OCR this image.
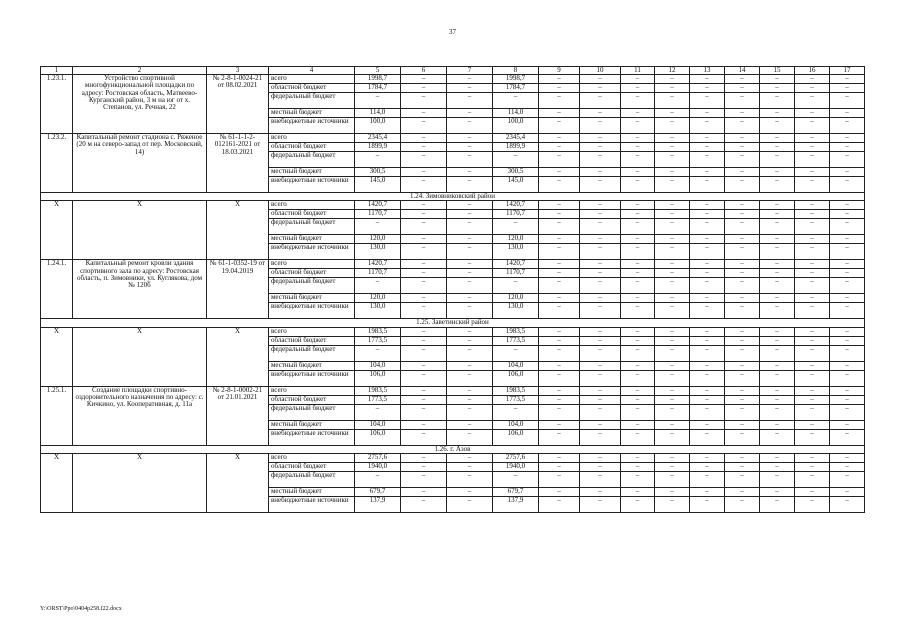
37
1	2	3	4	5	6	7	8	9	10	11	12	13	14	15	16	17
1.23.1.	Устройство спортивной многофункциональной площадки по адресу: Ростовская область, Матвеево-Курганский район, 3 м на юг от х. Степанов, ул. Речная, 22	№ 2-8-1-0024-21 от 08.02.2021	всего	1998,7	–	–	1998,7	–	–	–	–	–	–	–	–	–
			областной бюджет	1784,7	–	–	1784,7	–	–	–	–	–	–	–	–	–
			федеральный бюджет	–	–	–	–	–	–	–	–	–	–	–	–	–
			местный бюджет	114,0	–	–	114,0	–	–	–	–	–	–	–	–	–
			внебюджетные источники	100,0	–	–	100,0	–	–	–	–	–	–	–	–	–
1.23.2.	Капитальный ремонт стадиона с. Ряженое (20 м на северо-запад от пер. Московский, 14)	№ 61-1-1-2-012161-2021 от 18.03.2021	всего	2345,4	–	–	2345,4	–	–	–	–	–	–	–	–	–
			областной бюджет	1899,9	–	–	1899,9	–	–	–	–	–	–	–	–	–
			федеральный бюджет	–	–	–	–	–	–	–	–	–	–	–	–	–
			местный бюджет	300,5	–	–	300,5	–	–	–	–	–	–	–	–	–
			внебюджетные источники	145,0	–	–	145,0	–	–	–	–	–	–	–	–	–
1.24. Зимовниковский район																
Х	Х	Х	всего	1420,7	–	–	1420,7	–	–	–	–	–	–	–	–	–
			областной бюджет	1170,7	–	–	1170,7	–	–	–	–	–	–	–	–	–
			федеральный бюджет	–	–	–	–	–	–	–	–	–	–	–	–	–
			местный бюджет	120,0	–	–	120,0	–	–	–	–	–	–	–	–	–
			внебюджетные источники	130,0	–	–	130,0	–	–	–	–	–	–	–	–	–
1.24.1.	Капитальный ремонт кровли здания спортивного зала по адресу: Ростовская область, п. Зимовники, ул. Куглякова, дом № 120б	№ 61-1-0352-19 от 19.04.2019	всего	1420,7	–	–	1420,7	–	–	–	–	–	–	–	–	–
			областной бюджет	1170,7	–	–	1170,7	–	–	–	–	–	–	–	–	–
			федеральный бюджет	–	–	–	–	–	–	–	–	–	–	–	–	–
			местный бюджет	120,0	–	–	120,0	–	–	–	–	–	–	–	–	–
			внебюджетные источники	130,0	–	–	130,0	–	–	–	–	–	–	–	–	–
1.25. Заветинский район																
Х	Х	Х	всего	1983,5	–	–	1983,5	–	–	–	–	–	–	–	–	–
			областной бюджет	1773,5	–	–	1773,5	–	–	–	–	–	–	–	–	–
			федеральный бюджет	–	–	–	–	–	–	–	–	–	–	–	–	–
			местный бюджет	104,0	–	–	104,0	–	–	–	–	–	–	–	–	–
			внебюджетные источники	106,0	–	–	106,0	–	–	–	–	–	–	–	–	–
1.25.1.	Создание площадки спортивно-оздоровительного назначения по адресу: с. Кичкино, ул. Кооперативная, д. 11а	№ 2-8-1-0002-21 от 21.01.2021	всего	1983,5	–	–	1983,5	–	–	–	–	–	–	–	–	–
			областной бюджет	1773,5	–	–	1773,5	–	–	–	–	–	–	–	–	–
			федеральный бюджет	–	–	–	–	–	–	–	–	–	–	–	–	–
			местный бюджет	104,0	–	–	104,0	–	–	–	–	–	–	–	–	–
			внебюджетные источники	106,0	–	–	106,0	–	–	–	–	–	–	–	–	–
1.26. г. Азов																
Х	Х	Х	всего	2757,6	–	–	2757,6	–	–	–	–	–	–	–	–	–
			областной бюджет	1940,0	–	–	1940,0	–	–	–	–	–	–	–	–	–
			федеральный бюджет	–	–	–	–	–	–	–	–	–	–	–	–	–
			местный бюджет	679,7	–	–	679,7	–	–	–	–	–	–	–	–	–
			внебюджетные источники	137,9	–	–	137,9	–	–	–	–	–	–	–	–	–
Y:\ORST\Ppo\0404p258.f22.docx
